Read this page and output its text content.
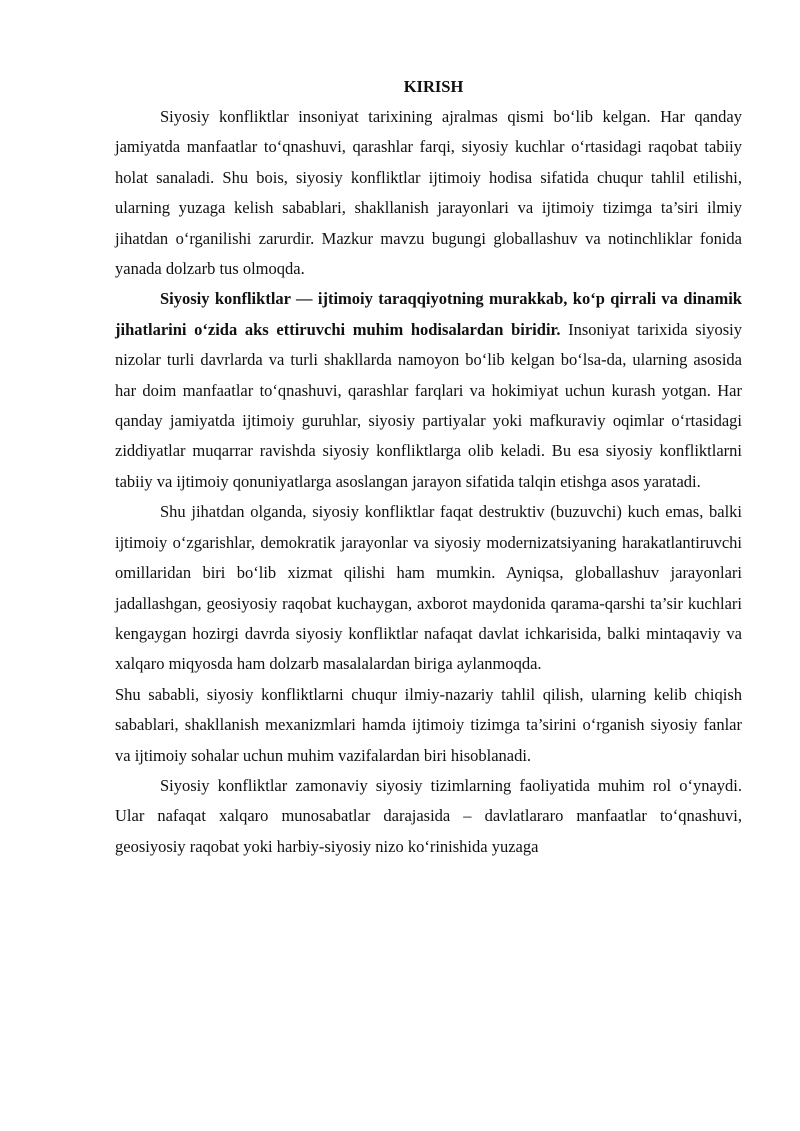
KIRISH

Siyosiy konfliktlar insoniyat tarixining ajralmas qismi bo‘lib kelgan. Har qanday jamiyatda manfaatlar to‘qnashuvi, qarashlar farqi, siyosiy kuchlar o‘rtasidagi raqobat tabiiy holat sanaladi. Shu bois, siyosiy konfliktlar ijtimoiy hodisa sifatida chuqur tahlil etilishi, ularning yuzaga kelish sabablari, shakllanish jarayonlari va ijtimoiy tizimga ta’siri ilmiy jihatdan o‘rganilishi zarurdir. Mazkur mavzu bugungi globallashuv va notinchliklar fonida yanada dolzarb tus olmoqda.

Siyosiy konfliktlar — ijtimoiy taraqqiyotning murakkab, ko‘p qirrali va dinamik jihatlarini o‘zida aks ettiruvchi muhim hodisalardan biridir. Insoniyat tarixida siyosiy nizolar turli davrlarda va turli shakllarda namoyon bo‘lib kelgan bo‘lsa-da, ularning asosida har doim manfaatlar to‘qnashuvi, qarashlar farqlari va hokimiyat uchun kurash yotgan. Har qanday jamiyatda ijtimoiy guruhlar, siyosiy partiyalar yoki mafkuraviy oqimlar o‘rtasidagi ziddiyatlar muqarrar ravishda siyosiy konfliktlarga olib keladi. Bu esa siyosiy konfliktlarni tabiiy va ijtimoiy qonuniyatlarga asoslangan jarayon sifatida talqin etishga asos yaratadi.

Shu jihatdan olganda, siyosiy konfliktlar faqat destruktiv (buzuvchi) kuch emas, balki ijtimoiy o‘zgarishlar, demokratik jarayonlar va siyosiy modernizatsiyaning harakatlantiruvchi omillaridan biri bo‘lib xizmat qilishi ham mumkin. Ayniqsa, globallashuv jarayonlari jadallashgan, geosiyosiy raqobat kuchaygan, axborot maydonida qarama-qarshi ta’sir kuchlari kengaygan hozirgi davrda siyosiy konfliktlar nafaqat davlat ichkarisida, balki mintaqaviy va xalqaro miqyosda ham dolzarb masalalardan biriga aylanmoqda.

Shu sababli, siyosiy konfliktlarni chuqur ilmiy-nazariy tahlil qilish, ularning kelib chiqish sabablari, shakllanish mexanizmlari hamda ijtimoiy tizimga ta’sirini o‘rganish siyosiy fanlar va ijtimoiy sohalar uchun muhim vazifalardan biri hisoblanadi.

Siyosiy konfliktlar zamonaviy siyosiy tizimlarning faoliyatida muhim rol o‘ynaydi. Ular nafaqat xalqaro munosabatlar darajasida – davlatlararo manfaatlar to‘qnashuvi, geosiyosiy raqobat yoki harbiy-siyosiy nizo ko‘rinishida yuzaga
